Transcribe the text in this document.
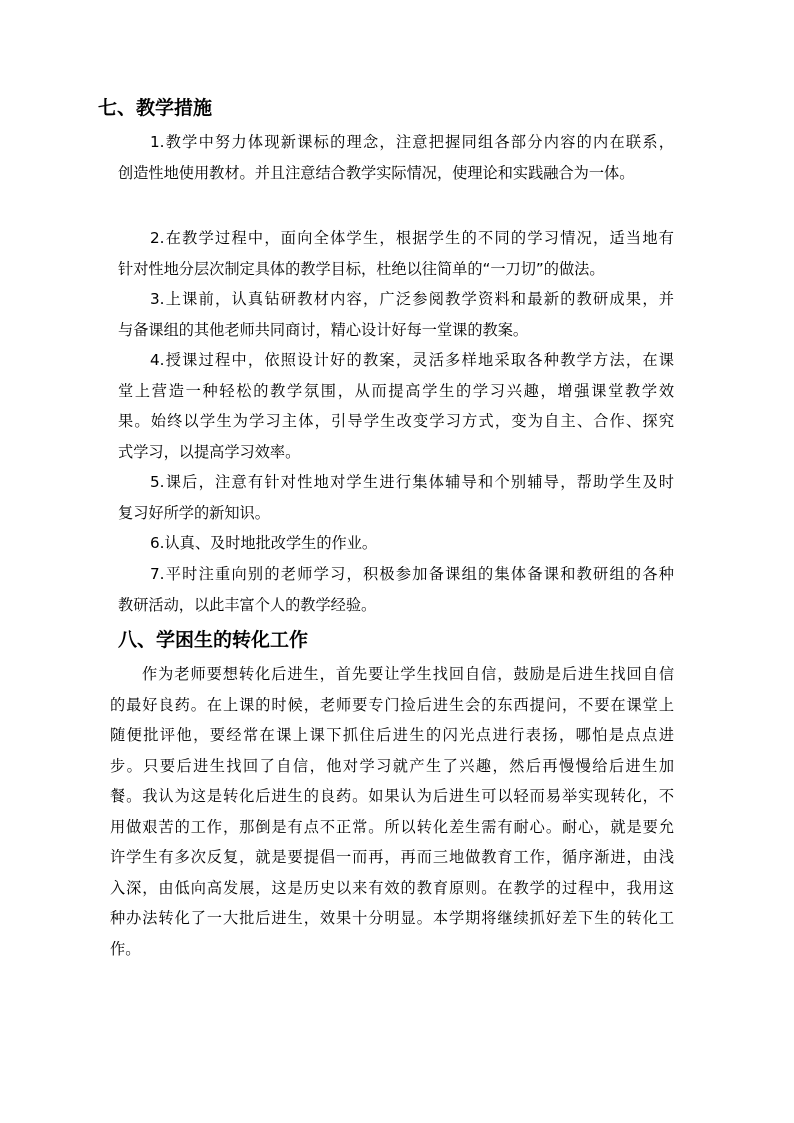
七、教学措施
1.教学中努力体现新课标的理念，注意把握同组各部分内容的内在联系，
创造性地使用教材。并且注意结合教学实际情况，使理论和实践融合为一体。
2.在教学过程中，面向全体学生，根据学生的不同的学习情况，适当地有
针对性地分层次制定具体的教学目标，杜绝以往简单的“一刀切”的做法。
3.上课前，认真钻研教材内容，广泛参阅教学资料和最新的教研成果，并
与备课组的其他老师共同商讨，精心设计好每一堂课的教案。
4.授课过程中，依照设计好的教案，灵活多样地采取各种教学方法，在课
堂上营造一种轻松的教学氛围，从而提高学生的学习兴趣，增强课堂教学效
果。始终以学生为学习主体，引导学生改变学习方式，变为自主、合作、探究
式学习，以提高学习效率。
5.课后，注意有针对性地对学生进行集体辅导和个别辅导，帮助学生及时
复习好所学的新知识。
6.认真、及时地批改学生的作业。
7.平时注重向别的老师学习，积极参加备课组的集体备课和教研组的各种
教研活动，以此丰富个人的教学经验。
八、学困生的转化工作
作为老师要想转化后进生，首先要让学生找回自信，鼓励是后进生找回自信
的最好良药。在上课的时候，老师要专门捡后进生会的东西提问，不要在课堂上
随便批评他，要经常在课上课下抓住后进生的闪光点进行表扬，哪怕是点点进
步。只要后进生找回了自信，他对学习就产生了兴趣，然后再慢慢给后进生加
餐。我认为这是转化后进生的良药。如果认为后进生可以轻而易举实现转化，不
用做艰苦的工作，那倒是有点不正常。所以转化差生需有耐心。耐心，就是要允
许学生有多次反复，就是要提倡一而再，再而三地做教育工作，循序渐进，由浅
入深，由低向高发展，这是历史以来有效的教育原则。在教学的过程中，我用这
种办法转化了一大批后进生，效果十分明显。本学期将继续抓好差下生的转化工
作。
